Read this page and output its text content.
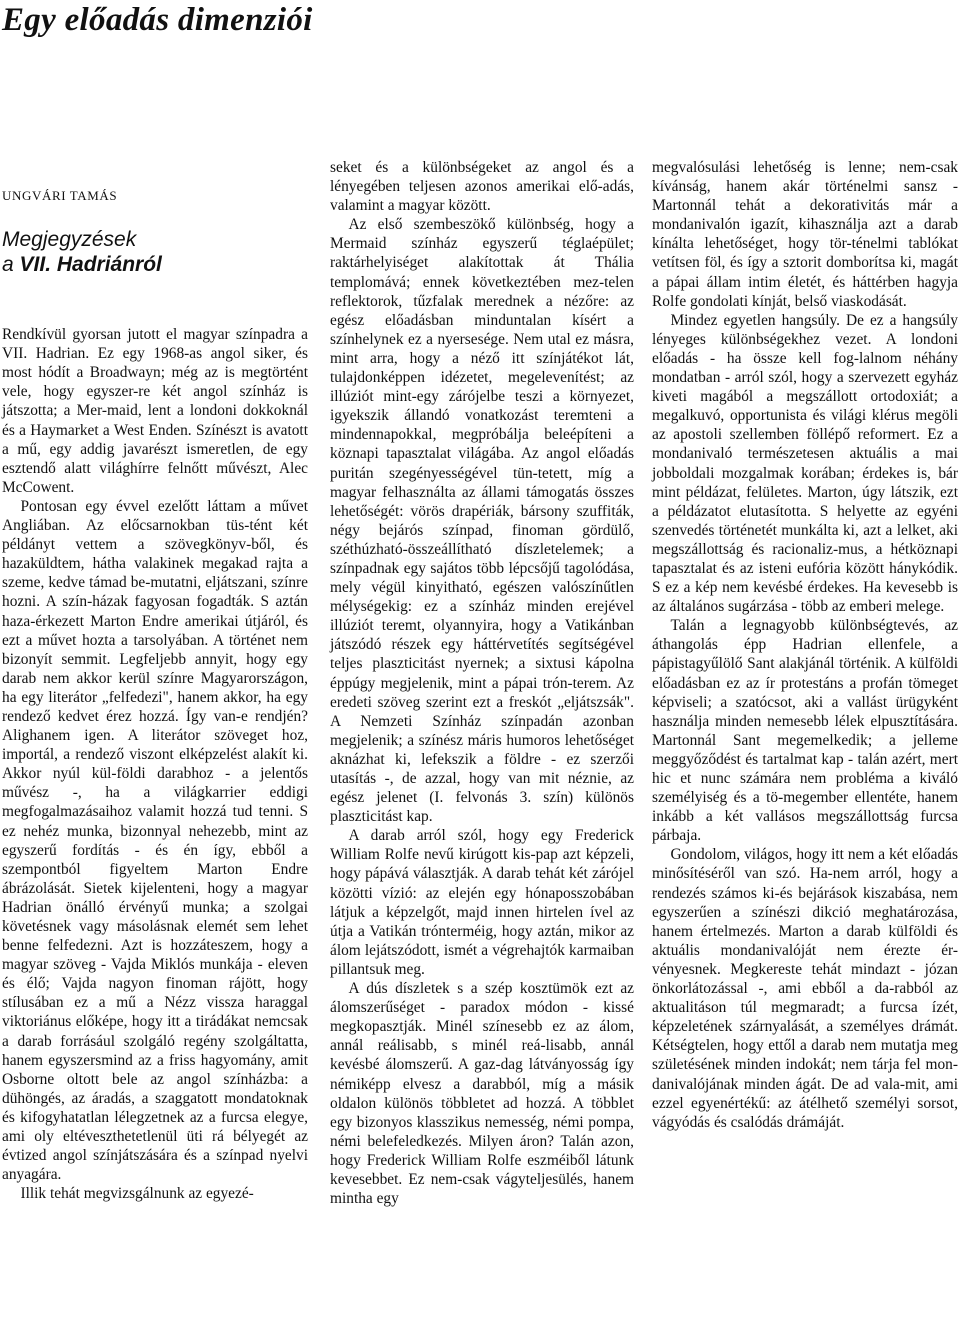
Egy előadás dimenziói
UNGVÁRI TAMÁS
Megjegyzések
a VII. Hadriánról

Rendkívül gyorsan jutott el magyar színpadra a VII. Hadrian. Ez egy 1968-as angol siker, és most hódít a Broadwayn; még az is megtörtént vele, hogy egyszer-re két angol színház is játszotta; a Mer-maid, lent a londoni dokkoknál és a Haymarket a West Enden. Színészt is avatott a mű, egy addig javarészt ismeretlen, de egy esztendő alatt világhírre felnőtt művészt, Alec McCowent.

Pontosan egy évvel ezelőtt láttam a művet Angliában. Az előcsarnokban tüs-tént két példányt vettem a szövegkönyv-ből, és hazaküldtem, hátha valakinek megakad rajta a szeme, kedve támad be-mutatni, eljátszani, színre hozni. A szín-házak fagyosan fogadták. S aztán haza-érkezett Marton Endre amerikai útjáról, és ezt a művet hozta a tarsolyában. A történet nem bizonyít semmit. Legfeljebb annyit, hogy egy darab nem akkor kerül színre Magyarországon, ha egy literátor „felfedezi", hanem akkor, ha egy rendező kedvet érez hozzá. Így van-e rendjén? Alighanem igen. A literátor szöveget hoz, importál, a rendező viszont elképzelést alakít ki. Akkor nyúl kül-földi darabhoz - a jelentős művész -, ha a világkarrier eddigi megfogalmazásaihoz valamit hozzá tud tenni. S ez nehéz munka, bizonnyal nehezebb, mint az egyszerű fordítás - és én így, ebből a szempontból figyeltem Marton Endre ábrázolását. Sietek kijelenteni, hogy a magyar Hadrian önálló érvényű munka; a szolgai követésnek vagy másolásnak elemét sem lehet benne felfedezni. Azt is hozzáteszem, hogy a magyar szöveg - Vajda Miklós munkája - eleven és élő; Vajda nagyon finoman rájött, hogy stílusában ez a mű a Nézz vissza haraggal viktoriánus előképe, hogy itt a tirádákat nemcsak a darab forrásául szolgáló regény szolgáltatta, hanem egyszersmind az a friss hagyomány, amit Osborne oltott bele az angol színházba: a dühöngés, az áradás, a szaggatott mondatoknak és kifogyhatatlan lélegzetnek az a furcsa elegye, ami oly eltéveszthetetlenül üti rá bélyegét az évtized angol színjátszására és a színpad nyelvi anyagára.

Illik tehát megvizsgálnunk az egyezé-

seket és a különbségeket az angol és a lényegében teljesen azonos amerikai elő-adás, valamint a magyar között.

Az első szembeszökő különbség, hogy a Mermaid színház egyszerű téglaépület; raktárhelyiséget alakítottak át Thália templomává; ennek következtében mez-telen reflektorok, tűzfalak merednek a nézőre: az egész előadásban minduntalan kísért a színhelynek ez a nyersesége. Nem utal ez másra, mint arra, hogy a néző itt színjátékot lát, tulajdonképpen idézetet, megelevenítést; az illúziót mint-egy zárójelbe teszi a környezet, igyekszik állandó vonatkozást teremteni a mindennapokkal, megpróbálja beleépíteni a köznapi tapasztalat világába. Az angol előadás puritán szegényességével tün-tetett, míg a magyar felhasználta az állami támogatás összes lehetőségét: vörös drapériák, bársony szuffiták, négy bejárós színpad, finoman gördülő, széthúzható-összeállítható díszletelemek; a színpadnak egy sajátos több lépcsőjű tagolódása, mely végül kinyitható, egészen valószínűtlen mélységekig: ez a színház minden erejével illúziót teremt, olyannyira, hogy a Vatikánban játszódó részek egy háttérvetítés segítségével teljes plaszticitást nyernek; a sixtusi kápolna éppúgy megjelenik, mint a pápai trón-terem. Az eredeti szöveg szerint ezt a freskót „eljátszsák". A Nemzeti Színház színpadán azonban megjelenik; a színész máris humoros lehetőséget aknázhat ki, lefekszik a földre - ez szerzői utasítás -, de azzal, hogy van mit néznie, az egész jelenet (I. felvonás 3. szín) különös plaszticitást kap.

A darab arról szól, hogy egy Frederick William Rolfe nevű kirúgott kis-pap azt képzeli, hogy pápává választják. A darab tehát két zárójel közötti vízió: az elején egy hónaposszobában látjuk a képzelgőt, majd innen hirtelen ível az útja a Vatikán trónterméig, hogy aztán, mikor az álom lejátszódott, ismét a végrehajtók karmaiban pillantsuk meg.

A dús díszletek s a szép kosztümök ezt az álomszerűséget - paradox módon - kissé megkopasztják. Minél színesebb ez az álom, annál reálisabb, s minél reá-lisabb, annál kevésbé álomszerű. A gaz-dag látványosság így némiképp elvesz a darabból, míg a másik oldalon különös többletet ad hozzá. A többlet egy bizonyos klasszikus nemesség, némi pompa, némi belefeledkezés. Milyen áron? Talán azon, hogy Frederick William Rolfe eszméiből látunk kevesebbet. Ez nem-csak vágyteljesülés, hanem mintha egy

megvalósulási lehetőség is lenne; nem-csak kívánság, hanem akár történelmi sansz - Martonnál tehát a dekorativitás már a mondanivalón igazít, kihasználja azt a darab kínálta lehetőséget, hogy tör-ténelmi tablókat vetítsen föl, és így a sztorit domborítsa ki, magát a pápai állam intim életét, és háttérben hagyja Rolfe gondolati kínját, belső viaskodását.

Mindez egyetlen hangsúly. De ez a hangsúly lényeges különbségekhez vezet. A londoni előadás - ha össze kell fog-lalnom néhány mondatban - arról szól, hogy a szervezett egyház kiveti magából a megszállott ortodoxiát; a megalkuvó, opportunista és világi klérus megöli az apostoli szellemben föllépő reformert. Ez a mondanivaló természetesen aktuális a mai jobboldali mozgalmak korában; érdekes is, bár mint példázat, felületes. Marton, úgy látszik, ezt a példázatot elutasította. S helyette az egyéni szenvedés történetét munkálta ki, azt a lelket, aki megszállottság és racionaliz-mus, a hétköznapi tapasztalat és az isteni eufória között hánykódik. S ez a kép nem kevésbé érdekes. Ha kevesebb is az általános sugárzása - több az emberi melege.

Talán a legnagyobb különbségtevés, az áthangolás épp Hadrian ellenfele, a pápistagyűlölő Sant alakjánál történik. A külföldi előadásban ez az ír protestáns a profán tömeget képviseli; a szatócsot, aki a vallást ürügyként használja minden nemesebb lélek elpusztítására. Martonnál Sant megemelkedik; a jelleme meggyőződést és tartalmat kap - talán azért, mert hic et nunc számára nem probléma a kiváló személyiség és a tö-megember ellentéte, hanem inkább a két vallásos megszállottság furcsa párbaja.

Gondolom, világos, hogy itt nem a két előadás minősítéséről van szó. Ha-nem arról, hogy a rendezés számos ki-és bejárások kiszabása, nem egyszerűen a színészi dikció meghatározása, hanem értelmezés. Marton a darab külföldi és aktuális mondanivalóját nem érezte ér-vényesnek. Megkereste tehát mindazt - józan önkorlátozással -, ami ebből a da-rabból az aktualitáson túl megmaradt; a furcsa ízét, képzeletének szárnyalását, a személyes drámát. Kétségtelen, hogy ettől a darab nem mutatja meg születésének minden indokát; nem tárja fel mon-danivalójának minden ágát. De ad vala-mit, ami ezzel egyenértékű: az átélhető személyi sorsot, vágyódás és csalódás drámáját.
